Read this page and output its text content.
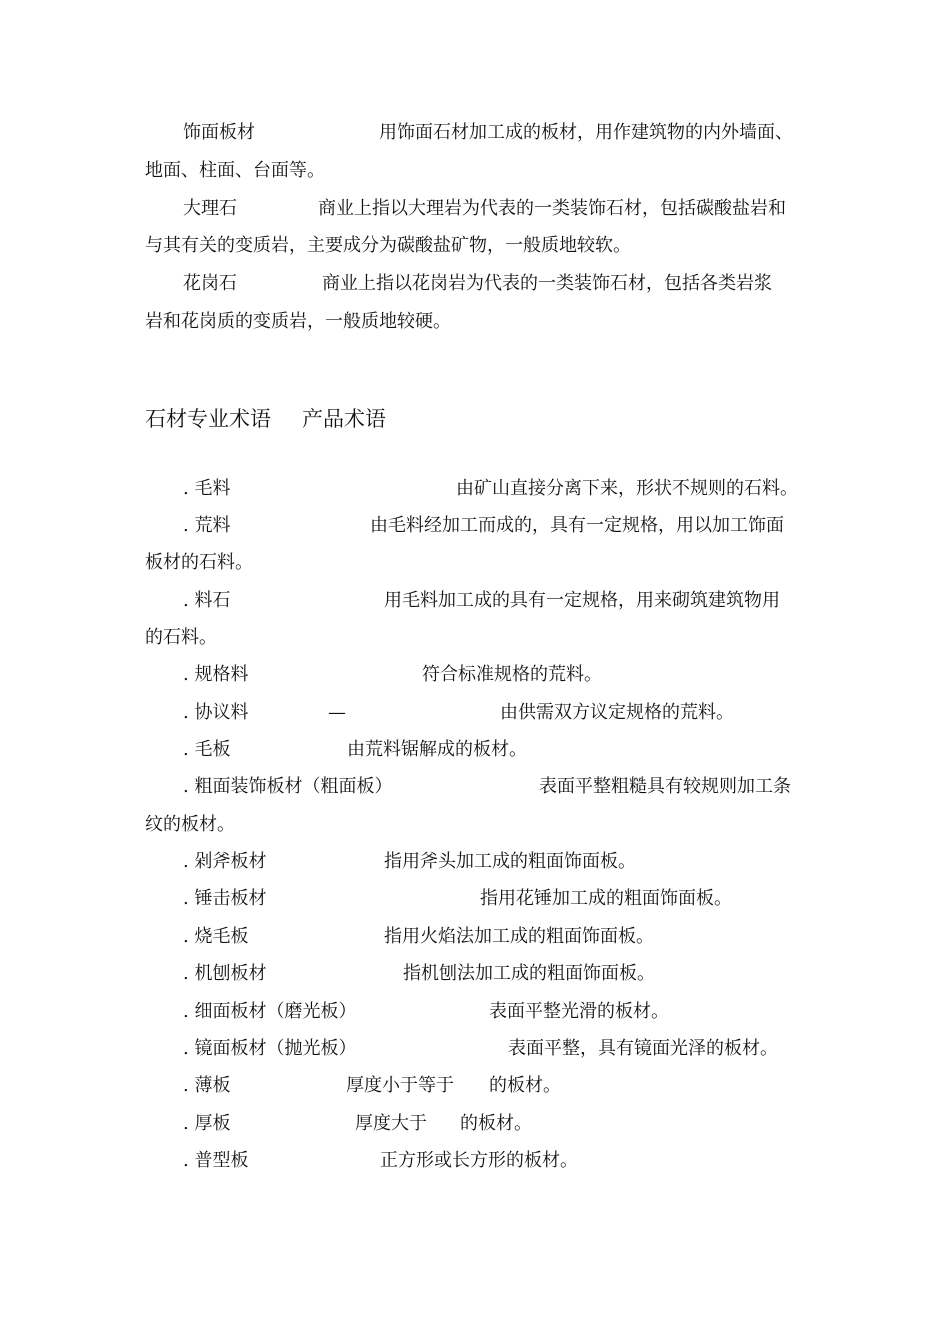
饰面板材	用饰面石材加工成的板材，用作建筑物的内外墙面、
地面、柱面、台面等。
大理石	商业上指以大理岩为代表的一类装饰石材，包括碳酸盐岩和
与其有关的变质岩，主要成分为碳酸盐矿物，一般质地较软。
花岗石	商业上指以花岗岩为代表的一类装饰石材，包括各类岩浆
岩和花岗质的变质岩，一般质地较硬。
石材专业术语 产品术语
. 毛料	由矿山直接分离下来，形状不规则的石料。
. 荒料	由毛料经加工而成的，具有一定规格，用以加工饰面
板材的石料。
. 料石	用毛料加工成的具有一定规格，用来砌筑建筑物用
的石料。
. 规格料	符合标准规格的荒料。
. 协议料	—	由供需双方议定规格的荒料。
. 毛板	由荒料锯解成的板材。
. 粗面装饰板材（粗面板）	表面平整粗糙具有较规则加工条
纹的板材。
. 剁斧板材	指用斧头加工成的粗面饰面板。
. 锤击板材	指用花锤加工成的粗面饰面板。
. 烧毛板	指用火焰法加工成的粗面饰面板。
. 机刨板材	指机刨法加工成的粗面饰面板。
. 细面板材（磨光板）	表面平整光滑的板材。
. 镜面板材（抛光板）	表面平整，具有镜面光泽的板材。
. 薄板	厚度小于等于 的板材。
. 厚板	厚度大于 的板材。
. 普型板	正方形或长方形的板材。
